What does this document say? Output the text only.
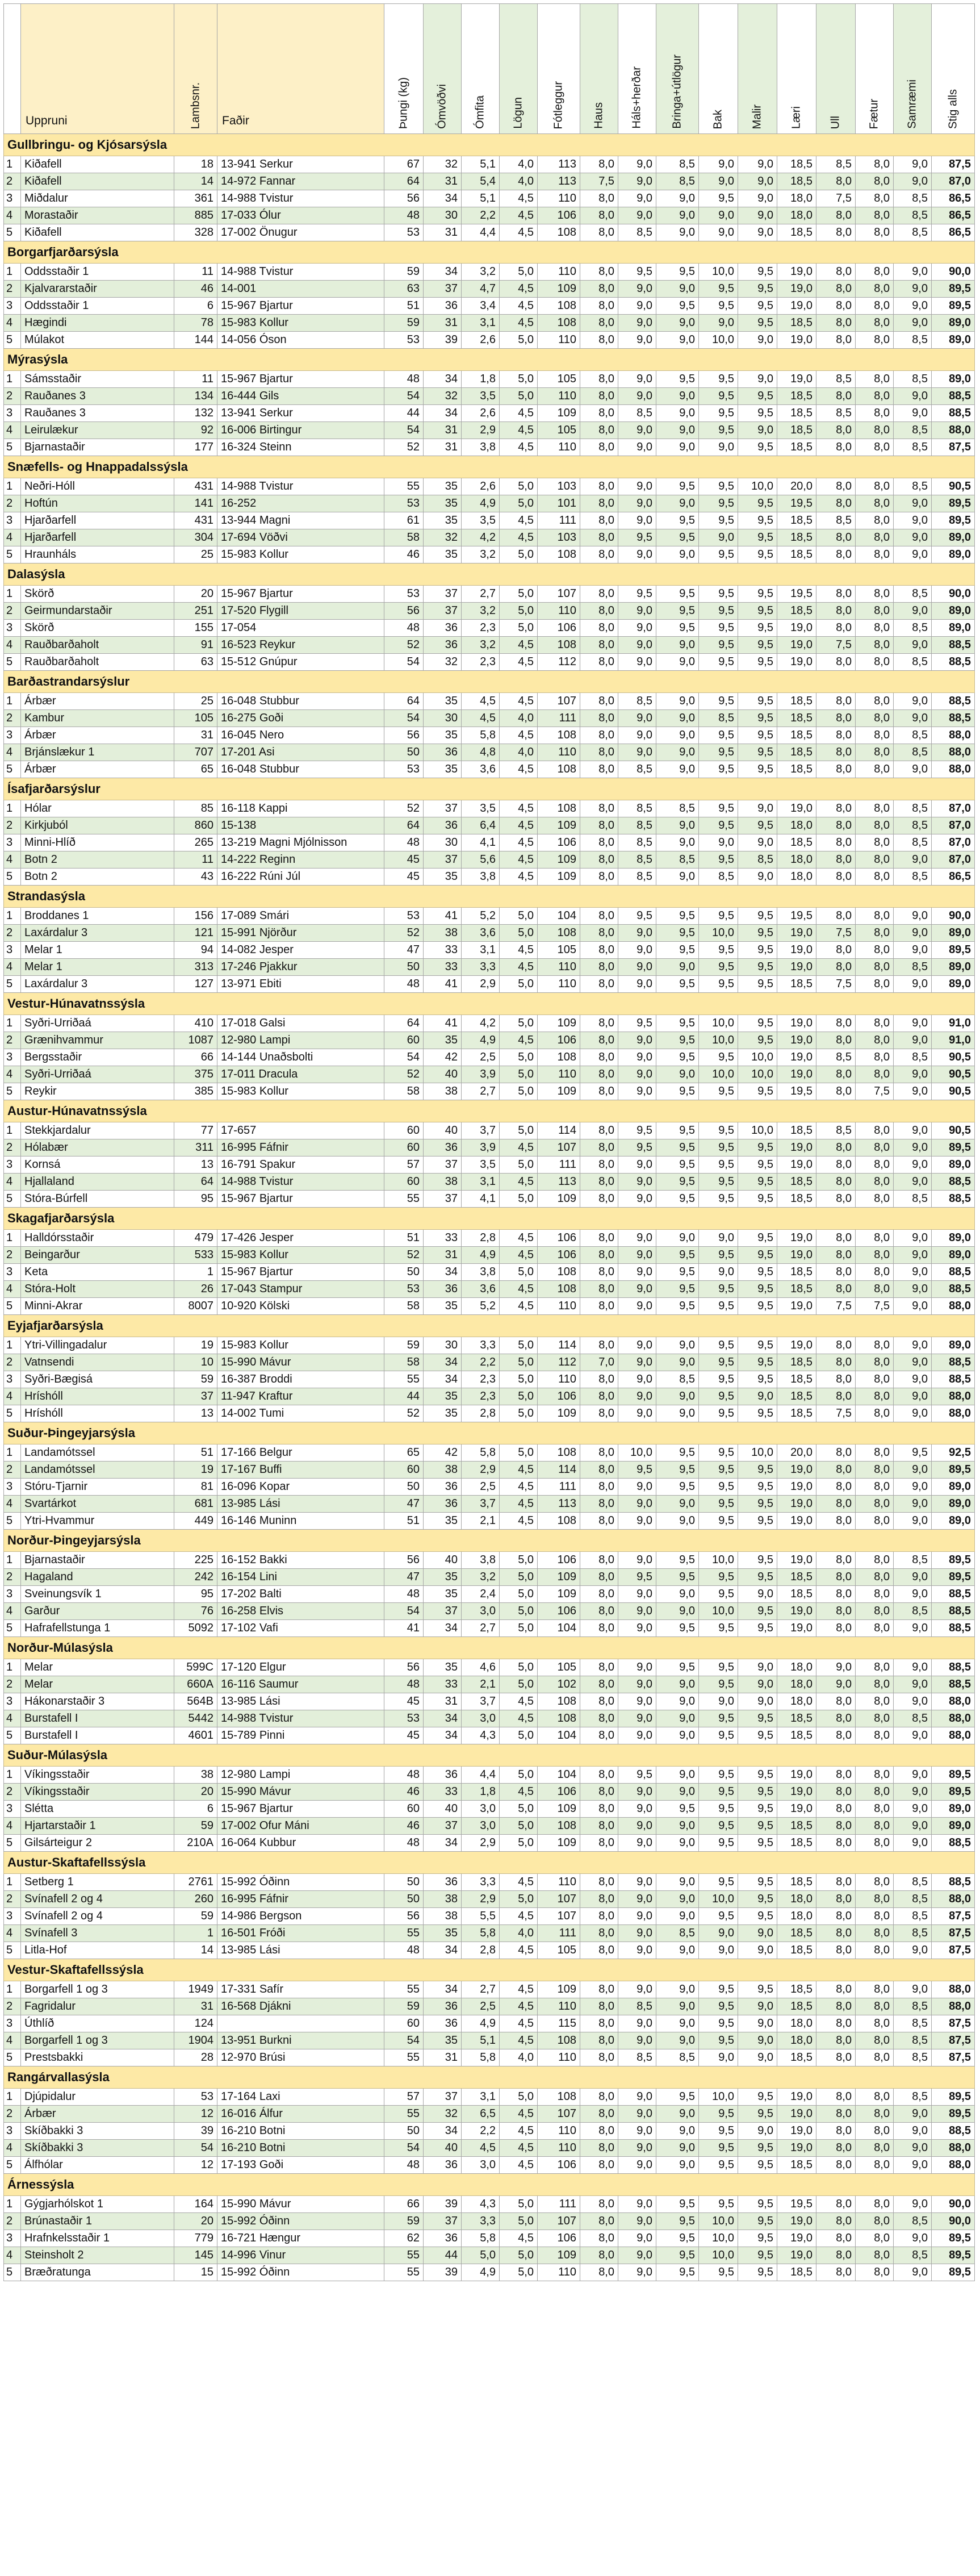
	Uppruni	Lambsnr.	Faðir	Þungi (kg)	Ómvöðvi	Ómfita	Lögun	Fótleggur	Haus	Háls+herðar	Bringa+útlögur	Bak	Malir	Læri	Ull	Fætur	Samræmi	Stig alls

Gullbringu- og Kjósarsýsla																		
1	Kiðafell	18	13-941 Serkur	67	32	5,1	4,0	113	8,0	9,0	8,5	9,0	9,0	18,5	8,5	8,0	9,0	87,5
2	Kiðafell	14	14-972 Fannar	64	31	5,4	4,0	113	7,5	9,0	8,5	9,0	9,0	18,5	8,0	8,0	9,0	87,0
3	Miðdalur	361	14-988 Tvistur	56	34	5,1	4,5	110	8,0	9,0	9,0	9,5	9,0	18,0	7,5	8,0	8,5	86,5
4	Morastaðir	885	17-033 Ólur	48	30	2,2	4,5	106	8,0	9,0	9,0	9,0	9,0	18,0	8,0	8,0	8,5	86,5
5	Kiðafell	328	17-002 Önugur	53	31	4,4	4,5	108	8,0	8,5	9,0	9,0	9,0	18,5	8,0	8,0	8,5	86,5
Borgarfjarðarsýsla																		
1	Oddsstaðir 1	11	14-988 Tvistur	59	34	3,2	5,0	110	8,0	9,5	9,5	10,0	9,5	19,0	8,0	8,0	9,0	90,0
2	Kjalvararstaðir	46	14-001	63	37	4,7	4,5	109	8,0	9,0	9,0	9,5	9,5	19,0	8,0	8,0	9,0	89,5
3	Oddsstaðir 1	6	15-967 Bjartur	51	36	3,4	4,5	108	8,0	9,0	9,5	9,5	9,5	19,0	8,0	8,0	9,0	89,5
4	Hægindi	78	15-983 Kollur	59	31	3,1	4,5	108	8,0	9,0	9,0	9,0	9,5	18,5	8,0	8,0	9,0	89,0
5	Múlakot	144	14-056 Óson	53	39	2,6	5,0	110	8,0	9,0	9,0	10,0	9,0	19,0	8,0	8,0	8,5	89,0
Mýrasýsla																		
1	Sámsstaðir	11	15-967 Bjartur	48	34	1,8	5,0	105	8,0	9,0	9,5	9,5	9,0	19,0	8,5	8,0	8,5	89,0
2	Rauðanes 3	134	16-444 Gils	54	32	3,5	5,0	110	8,0	9,0	9,0	9,5	9,5	18,5	8,0	8,0	9,0	88,5
3	Rauðanes 3	132	13-941 Serkur	44	34	2,6	4,5	109	8,0	8,5	9,0	9,5	9,5	18,5	8,5	8,0	9,0	88,5
4	Leirulækur	92	16-006 Birtingur	54	31	2,9	4,5	105	8,0	9,0	9,0	9,5	9,0	18,5	8,0	8,0	8,5	88,0
5	Bjarnastaðir	177	16-324 Steinn	52	31	3,8	4,5	110	8,0	9,0	9,0	9,0	9,5	18,5	8,0	8,0	8,5	87,5
Snæfells- og Hnappadalssýsla																		
1	Neðri-Hóll	431	14-988 Tvistur	55	35	2,6	5,0	103	8,0	9,0	9,5	9,5	10,0	20,0	8,0	8,0	8,5	90,5
2	Hoftún	141	16-252	53	35	4,9	5,0	101	8,0	9,0	9,0	9,5	9,5	19,5	8,0	8,0	9,0	89,5
3	Hjarðarfell	431	13-944 Magni	61	35	3,5	4,5	111	8,0	9,0	9,5	9,5	9,5	18,5	8,5	8,0	9,0	89,5
4	Hjarðarfell	304	17-694 Vöðvi	58	32	4,2	4,5	103	8,0	9,5	9,5	9,0	9,5	18,5	8,0	8,0	9,0	89,0
5	Hraunháls	25	15-983 Kollur	46	35	3,2	5,0	108	8,0	9,0	9,0	9,5	9,5	18,5	8,0	8,0	9,0	89,0
Dalasýsla																		
1	Skörð	20	15-967 Bjartur	53	37	2,7	5,0	107	8,0	9,5	9,5	9,5	9,5	19,5	8,0	8,0	8,5	90,0
2	Geirmundarstaðir	251	17-520 Flygill	56	37	3,2	5,0	110	8,0	9,0	9,5	9,5	9,5	18,5	8,0	8,0	9,0	89,0
3	Skörð	155	17-054	48	36	2,3	5,0	106	8,0	9,0	9,5	9,5	9,5	19,0	8,0	8,0	8,5	89,0
4	Rauðbarðaholt	91	16-523 Reykur	52	36	3,2	4,5	108	8,0	9,0	9,0	9,5	9,5	19,0	7,5	8,0	9,0	88,5
5	Rauðbarðaholt	63	15-512 Gnúpur	54	32	2,3	4,5	112	8,0	9,0	9,0	9,5	9,5	19,0	8,0	8,0	8,5	88,5
Barðastrandarsýslur																		
1	Árbær	25	16-048 Stubbur	64	35	4,5	4,5	107	8,0	8,5	9,0	9,5	9,5	18,5	8,0	8,0	9,0	88,5
2	Kambur	105	16-275 Goði	54	30	4,5	4,0	111	8,0	9,0	9,0	8,5	9,5	18,5	8,0	8,0	9,0	88,5
3	Árbær	31	16-045 Nero	56	35	5,8	4,5	108	8,0	9,0	9,0	9,5	9,5	18,5	8,0	8,0	8,5	88,0
4	Brjánslækur 1	707	17-201 Asi	50	36	4,8	4,0	110	8,0	9,0	9,0	9,5	9,5	18,5	8,0	8,0	8,5	88,0
5	Árbær	65	16-048 Stubbur	53	35	3,6	4,5	108	8,0	8,5	9,0	9,5	9,5	18,5	8,0	8,0	9,0	88,0
Ísafjarðarsýslur																		
1	Hólar	85	16-118 Kappi	52	37	3,5	4,5	108	8,0	8,5	8,5	9,5	9,0	19,0	8,0	8,0	8,5	87,0
2	Kirkjuból	860	15-138	64	36	6,4	4,5	109	8,0	8,5	9,0	9,5	9,5	18,0	8,0	8,0	8,5	87,0
3	Minni-Hlíð	265	13-219 Magni Mjólnisson	48	30	4,1	4,5	106	8,0	8,5	9,0	9,0	9,0	18,5	8,0	8,0	8,5	87,0
4	Botn 2	11	14-222 Reginn	45	37	5,6	4,5	109	8,0	8,5	8,5	9,5	8,5	18,0	8,0	8,0	9,0	87,0
5	Botn 2	43	16-222 Rúni Júl	45	35	3,8	4,5	109	8,0	8,5	9,0	8,5	9,0	18,0	8,0	8,0	8,5	86,5
Strandasýsla																		
1	Broddanes 1	156	17-089 Smári	53	41	5,2	5,0	104	8,0	9,5	9,5	9,5	9,5	19,5	8,0	8,0	9,0	90,0
2	Laxárdalur 3	121	15-991 Njörður	52	38	3,6	5,0	108	8,0	9,0	9,5	10,0	9,5	19,0	7,5	8,0	9,0	89,0
3	Melar 1	94	14-082 Jesper	47	33	3,1	4,5	105	8,0	9,0	9,5	9,5	9,5	19,0	8,0	8,0	9,0	89,5
4	Melar 1	313	17-246 Pjakkur	50	33	3,3	4,5	110	8,0	9,0	9,0	9,5	9,5	19,0	8,0	8,0	8,5	89,0
5	Laxárdalur 3	127	13-971 Ebiti	48	41	2,9	5,0	110	8,0	9,0	9,5	9,5	9,5	18,5	7,5	8,0	9,0	89,0
Vestur-Húnavatnssýsla																		
1	Syðri-Urriðaá	410	17-018 Galsi	64	41	4,2	5,0	109	8,0	9,5	9,5	10,0	9,5	19,0	8,0	8,0	9,0	91,0
2	Grænihvammur	1087	12-980 Lampi	60	35	4,9	4,5	106	8,0	9,0	9,5	10,0	9,5	19,0	8,0	8,0	9,0	91,0
3	Bergsstaðir	66	14-144 Unaðsbolti	54	42	2,5	5,0	108	8,0	9,0	9,5	9,5	10,0	19,0	8,5	8,0	8,5	90,5
4	Syðri-Urriðaá	375	17-011 Dracula	52	40	3,9	5,0	110	8,0	9,0	9,0	10,0	10,0	19,0	8,0	8,0	9,0	90,5
5	Reykir	385	15-983 Kollur	58	38	2,7	5,0	109	8,0	9,0	9,5	9,5	9,5	19,5	8,0	7,5	9,0	90,5
Austur-Húnavatnssýsla																		
1	Stekkjardalur	77	17-657	60	40	3,7	5,0	114	8,0	9,5	9,5	9,5	10,0	18,5	8,5	8,0	9,0	90,5
2	Hólabær	311	16-995 Fáfnir	60	36	3,9	4,5	107	8,0	9,5	9,5	9,5	9,5	19,0	8,0	8,0	9,0	89,5
3	Kornsá	13	16-791 Spakur	57	37	3,5	5,0	111	8,0	9,0	9,5	9,5	9,5	19,0	8,0	8,0	9,0	89,0
4	Hjallaland	64	14-988 Tvistur	60	38	3,1	4,5	113	8,0	9,0	9,5	9,5	9,5	18,5	8,0	8,0	9,0	88,5
5	Stóra-Búrfell	95	15-967 Bjartur	55	37	4,1	5,0	109	8,0	9,0	9,5	9,5	9,5	18,5	8,0	8,0	8,5	88,5
Skagafjarðarsýsla																		
1	Halldórsstaðir	479	17-426 Jesper	51	33	2,8	4,5	106	8,0	9,0	9,0	9,0	9,5	19,0	8,0	8,0	9,0	89,0
2	Beingarður	533	15-983 Kollur	52	31	4,9	4,5	106	8,0	9,0	9,5	9,5	9,5	19,0	8,0	8,0	9,0	89,0
3	Keta	1	15-967 Bjartur	50	34	3,8	5,0	108	8,0	9,0	9,5	9,0	9,5	18,5	8,0	8,0	9,0	88,5
4	Stóra-Holt	26	17-043 Stampur	53	36	3,6	4,5	108	8,0	9,0	9,5	9,5	9,5	18,5	8,0	8,0	9,0	88,5
5	Minni-Akrar	8007	10-920 Kölski	58	35	5,2	4,5	110	8,0	9,0	9,5	9,5	9,5	19,0	7,5	7,5	9,0	88,0
Eyjafjarðarsýsla																		
1	Ytri-Villingadalur	19	15-983 Kollur	59	30	3,3	5,0	114	8,0	9,0	9,0	9,5	9,5	19,0	8,0	8,0	9,0	89,0
2	Vatnsendi	10	15-990 Mávur	58	34	2,2	5,0	112	7,0	9,0	9,0	9,5	9,5	18,5	8,0	8,0	9,0	88,5
3	Syðri-Bægisá	59	16-387 Broddi	55	34	2,3	5,0	110	8,0	9,0	8,5	9,5	9,5	18,5	8,0	8,0	9,0	88,5
4	Hríshóll	37	11-947 Kraftur	44	35	2,3	5,0	106	8,0	9,0	9,0	9,5	9,0	18,5	8,0	8,0	9,0	88,0
5	Hríshóll	13	14-002 Tumi	52	35	2,8	5,0	109	8,0	9,0	9,0	9,5	9,5	18,5	7,5	8,0	9,0	88,0
Suður-Þingeyjarsýsla																		
1	Landamótssel	51	17-166 Belgur	65	42	5,8	5,0	108	8,0	10,0	9,5	9,5	10,0	20,0	8,0	8,0	9,5	92,5
2	Landamótssel	19	17-167 Buffi	60	38	2,9	4,5	114	8,0	9,5	9,5	9,5	9,5	19,0	8,0	8,0	9,0	89,5
3	Stóru-Tjarnir	81	16-096 Kopar	50	36	2,5	4,5	111	8,0	9,0	9,5	9,5	9,5	19,0	8,0	8,0	9,0	89,0
4	Svartárkot	681	13-985 Lási	47	36	3,7	4,5	113	8,0	9,0	9,0	9,5	9,5	19,0	8,0	8,0	9,0	89,0
5	Ytri-Hvammur	449	16-146 Muninn	51	35	2,1	4,5	108	8,0	9,0	9,0	9,5	9,5	19,0	8,0	8,0	9,0	89,0
Norður-Þingeyjarsýsla																		
1	Bjarnastaðir	225	16-152 Bakki	56	40	3,8	5,0	106	8,0	9,0	9,5	10,0	9,5	19,0	8,0	8,0	8,5	89,5
2	Hagaland	242	16-154 Lini	47	35	3,2	5,0	109	8,0	9,5	9,5	9,5	9,5	18,5	8,0	8,0	9,0	89,5
3	Sveinungsvík 1	95	17-202 Balti	48	35	2,4	5,0	109	8,0	9,0	9,0	9,5	9,0	18,5	8,0	8,0	9,0	88,5
4	Garður	76	16-258 Elvis	54	37	3,0	5,0	106	8,0	9,0	9,0	10,0	9,5	19,0	8,0	8,0	8,5	88,5
5	Hafrafellstunga 1	5092	17-102 Vafi	41	34	2,7	5,0	104	8,0	9,0	9,5	9,5	9,5	19,0	8,0	8,0	9,0	88,5
Norður-Múlasýsla																		
1	Melar	599C	17-120 Elgur	56	35	4,6	5,0	105	8,0	9,0	9,5	9,5	9,0	18,0	9,0	8,0	9,0	88,5
2	Melar	660A	16-116 Saumur	48	33	2,1	5,0	102	8,0	9,0	9,0	9,5	9,0	18,0	9,0	8,0	9,0	88,5
3	Hákonarstaðir 3	564B	13-985 Lási	45	31	3,7	4,5	108	8,0	9,0	9,0	9,0	9,0	18,0	8,0	8,0	9,0	88,0
4	Burstafell I	5442	14-988 Tvistur	53	34	3,0	4,5	108	8,0	9,0	9,0	9,5	9,5	18,5	8,0	8,0	8,5	88,0
5	Burstafell I	4601	15-789 Pinni	45	34	4,3	5,0	104	8,0	9,0	9,0	9,5	9,5	18,5	8,0	8,0	9,0	88,0
Suður-Múlasýsla																		
1	Víkingsstaðir	38	12-980 Lampi	48	36	4,4	5,0	104	8,0	9,5	9,0	9,5	9,5	19,0	8,0	8,0	9,0	89,5
2	Víkingsstaðir	20	15-990 Mávur	46	33	1,8	4,5	106	8,0	9,0	9,0	9,5	9,5	19,0	8,0	8,0	9,0	89,5
3	Slétta	6	15-967 Bjartur	60	40	3,0	5,0	109	8,0	9,0	9,5	9,5	9,5	19,0	8,0	8,0	9,0	89,0
4	Hjartarstaðir 1	59	17-002 Ofur Máni	46	37	3,0	5,0	108	8,0	9,0	9,0	9,5	9,5	18,5	8,0	8,0	9,0	89,0
5	Gilsárteigur 2	210A	16-064 Kubbur	48	34	2,9	5,0	109	8,0	9,0	9,0	9,5	9,5	18,5	8,0	8,0	9,0	88,5
Austur-Skaftafellssýsla																		
1	Setberg 1	2761	15-992 Óðinn	50	36	3,3	4,5	110	8,0	9,0	9,0	9,5	9,5	18,5	8,0	8,0	8,5	88,5
2	Svínafell 2 og 4	260	16-995 Fáfnir	50	38	2,9	5,0	107	8,0	9,0	9,0	10,0	9,5	18,0	8,0	8,0	8,5	88,0
3	Svínafell 2 og 4	59	14-986 Bergson	56	38	5,5	4,5	107	8,0	9,0	9,0	9,5	9,5	18,0	8,0	8,0	8,5	87,5
4	Svínafell 3	1	16-501 Fróði	55	35	5,8	4,0	111	8,0	9,0	8,5	9,0	9,0	18,5	8,0	8,0	8,5	87,5
5	Litla-Hof	14	13-985 Lási	48	34	2,8	4,5	105	8,0	9,0	9,0	9,0	9,0	18,5	8,0	8,0	9,0	87,5
Vestur-Skaftafellssýsla																		
1	Borgarfell 1 og 3	1949	17-331 Safír	55	34	2,7	4,5	109	8,0	9,0	9,0	9,5	9,5	18,5	8,0	8,0	9,0	88,0
2	Fagridalur	31	16-568 Djákni	59	36	2,5	4,5	110	8,0	8,5	9,0	9,5	9,0	18,5	8,0	8,0	8,5	88,0
3	Úthlíð	124		60	36	4,9	4,5	115	8,0	9,0	9,0	9,5	9,0	18,0	8,0	8,0	8,5	87,5
4	Borgarfell 1 og 3	1904	13-951 Burkni	54	35	5,1	4,5	108	8,0	9,0	9,0	9,5	9,0	18,0	8,0	8,0	8,5	87,5
5	Prestsbakki	28	12-970 Brúsi	55	31	5,8	4,0	110	8,0	8,5	8,5	9,0	9,0	18,5	8,0	8,0	8,5	87,5
Rangárvallasýsla																		
1	Djúpidalur	53	17-164 Laxi	57	37	3,1	5,0	108	8,0	9,0	9,5	10,0	9,5	19,0	8,0	8,0	8,5	89,5
2	Árbær	12	16-016 Álfur	55	32	6,5	4,5	107	8,0	9,0	9,0	9,5	9,5	19,0	8,0	8,0	9,0	89,5
3	Skíðbakki 3	39	16-210 Botni	50	34	2,2	4,5	110	8,0	9,0	9,0	9,5	9,0	19,0	8,0	8,0	9,0	88,5
4	Skíðbakki 3	54	16-210 Botni	54	40	4,5	4,5	110	8,0	9,0	9,0	9,5	9,5	19,0	8,0	8,0	9,0	88,0
5	Álfhólar	12	17-193 Goði	48	36	3,0	4,5	106	8,0	9,0	9,0	9,5	9,5	18,5	8,0	8,0	9,0	88,0
Árnessýsla																		
1	Gýgjarhólskot 1	164	15-990 Mávur	66	39	4,3	5,0	111	8,0	9,0	9,5	9,5	9,5	19,5	8,0	8,0	9,0	90,0
2	Brúnastaðir 1	20	15-992 Óðinn	59	37	3,3	5,0	107	8,0	9,0	9,5	10,0	9,5	19,0	8,0	8,0	8,5	90,0
3	Hrafnkelsstaðir 1	779	16-721 Hængur	62	36	5,8	4,5	106	8,0	9,0	9,5	10,0	9,5	19,0	8,0	8,0	9,0	89,5
4	Steinsholt 2	145	14-996 Vinur	55	44	5,0	5,0	109	8,0	9,0	9,5	10,0	9,5	19,0	8,0	8,0	8,5	89,5
5	Bræðratunga	15	15-992 Óðinn	55	39	4,9	5,0	110	8,0	9,0	9,5	9,5	9,5	18,5	8,0	8,0	9,0	89,5
